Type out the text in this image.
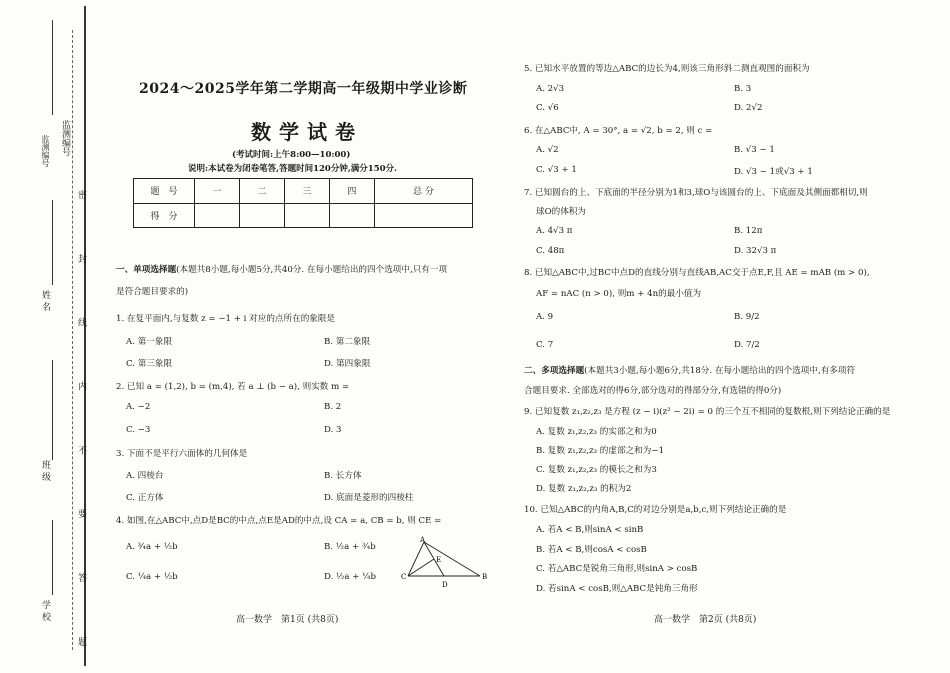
监测编号
监测编号
姓 名
班 级
学 校	密 封 线 内 不 要 答 题
2024～2025学年第二学期高一年级期中学业诊断
数学试卷
(考试时间:上午8:00—10:00)
说明:本试卷为闭卷笔答,答题时间120分钟,满分150分.
题　号	一	二	三	四	总 分
得　分					
一、单项选择题(本题共8小题,每小题5分,共40分. 在每小题给出的四个选项中,只有一项
是符合题目要求的)
1. 在复平面内,与复数 z = −1 + i 对应的点所在的象限是
A. 第一象限	B. 第二象限
C. 第三象限	D. 第四象限
2. 已知 a = (1,2), b = (m,4), 若 a ⊥ (b − a), 则实数 m =
A. −2	B. 2
C. −3	D. 3
3. 下面不是平行六面体的几何体是
A. 四棱台	B. 长方体
C. 正方体	D. 底面是菱形的四棱柱
4. 如图,在△ABC中,点D是BC的中点,点E是AD的中点,设 CA = a, CB = b, 则 CE =
A. ¾a + ½b	B. ½a + ¾b
C. ¼a + ½b	D. ½a + ¼b
A
B
C
D
E
高一数学　第1页 (共8页)
5. 已知水平放置的等边△ABC的边长为4,则该三角形斜二测直观图的面积为
A. 2√3	B. 3
C. √6	D. 2√2
6. 在△ABC中, A = 30°, a = √2, b = 2, 则 c =
A. √2	B. √3 − 1
C. √3 + 1	D. √3 − 1或√3 + 1
7. 已知圆台的上、下底面的半径分别为1和3,球O与该圆台的上、下底面及其侧面都相切,则
球O的体积为
A. 4√3 π	B. 12π
C. 48π	D. 32√3 π
8. 已知△ABC中,过BC中点D的直线分别与直线AB,AC交于点E,F,且 AE = mAB (m > 0),
AF = nAC (n > 0), 则m + 4n的最小值为
A. 9	B. 9/2
C. 7	D. 7/2
二、多项选择题(本题共3小题,每小题6分,共18分. 在每小题给出的四个选项中,有多项符
合题目要求. 全部选对的得6分,部分选对的得部分分,有选错的得0分)
9. 已知复数 z₁,z₂,z₃ 是方程 (z − i)(z² − 2i) = 0 的三个互不相同的复数根,则下列结论正确的是
A. 复数 z₁,z₂,z₃ 的实部之和为0
B. 复数 z₁,z₂,z₃ 的虚部之和为−1
C. 复数 z₁,z₂,z₃ 的模长之和为3
D. 复数 z₁,z₂,z₃ 的积为2
10. 已知△ABC的内角A,B,C的对边分别是a,b,c,则下列结论正确的是
A. 若A < B,则sinA < sinB
B. 若A < B,则cosA < cosB
C. 若△ABC是锐角三角形,则sinA > cosB
D. 若sinA < cosB,则△ABC是钝角三角形
高一数学　第2页 (共8页)
